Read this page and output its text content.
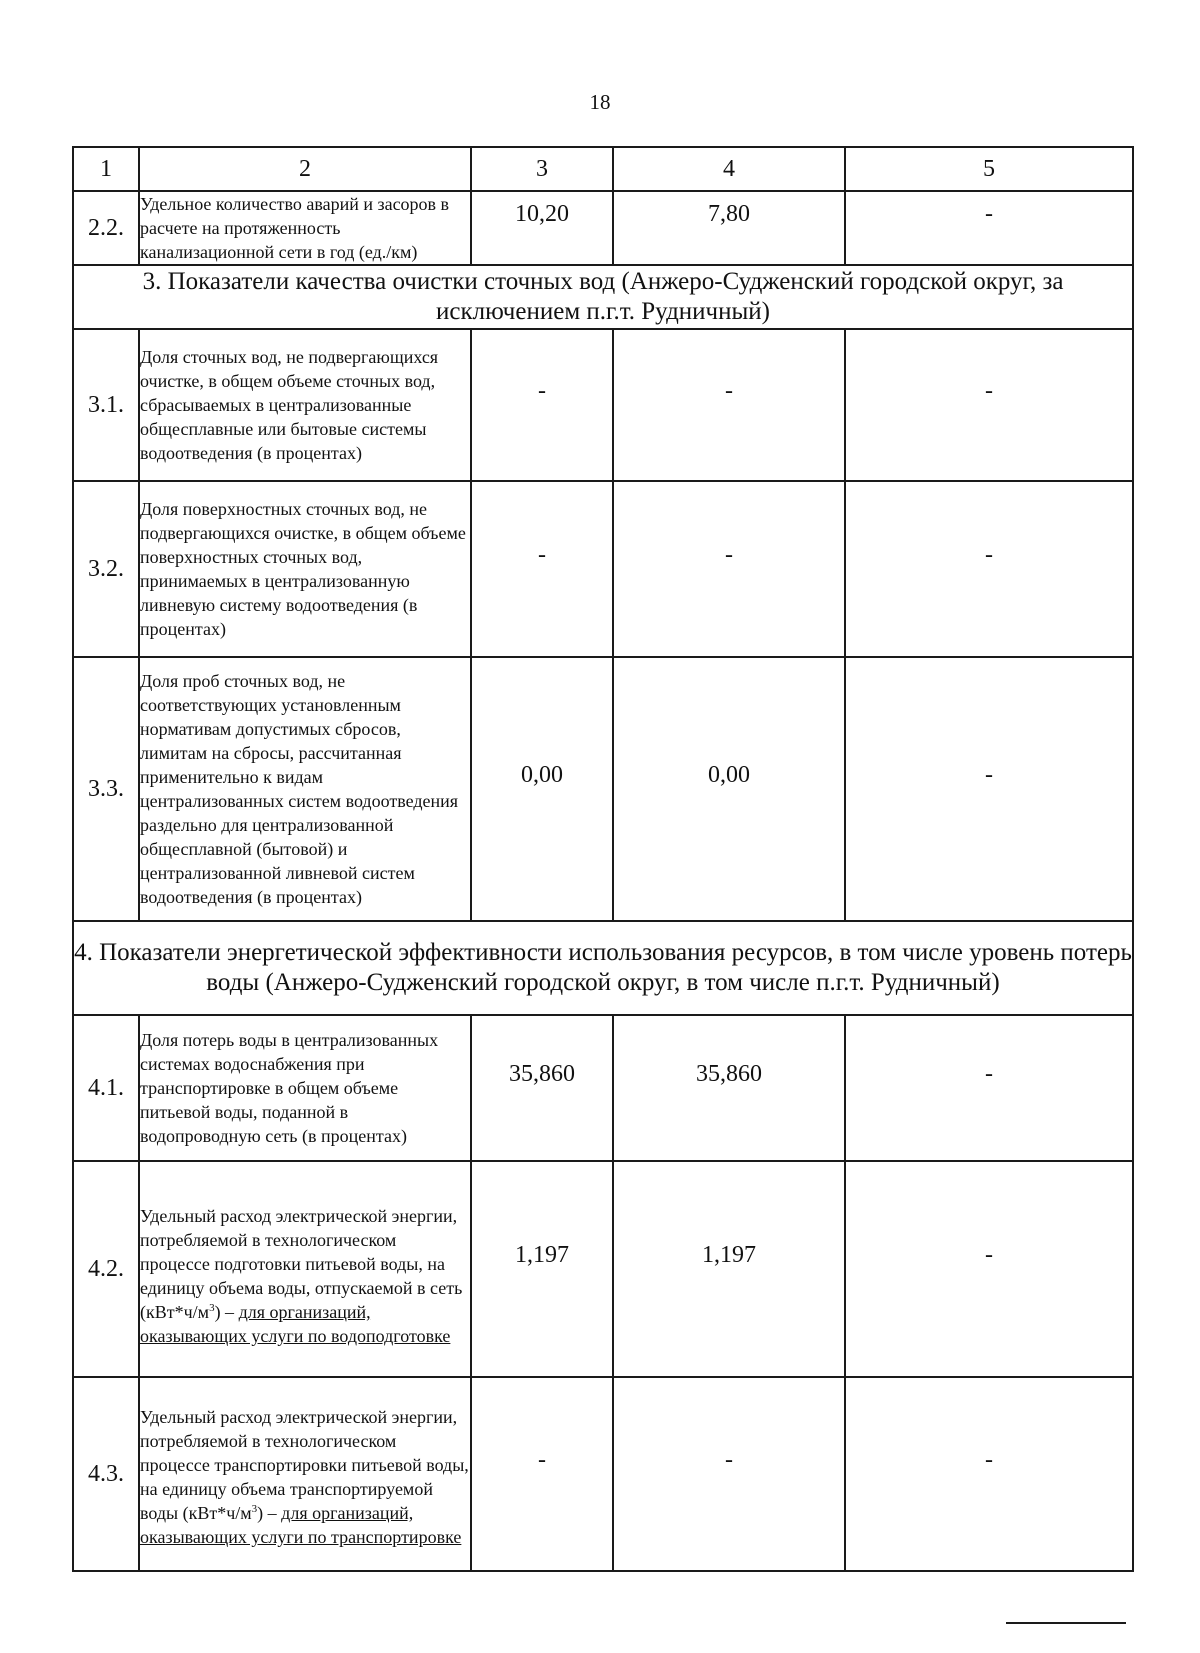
18
1	2	3	4	5
2.2.	Удельное количество аварий и засоров в расчете на протяженность канализационной сети в год (ед./км)	10,20	7,80	-
3. Показатели качества очистки сточных вод (Анжеро-Судженский городской округ, за исключением п.г.т. Рудничный)				
3.1.	Доля сточных вод, не подвергающихся очистке, в общем объеме сточных вод, сбрасываемых в централизованные общесплавные или бытовые системы водоотведения (в процентах)	-	-	-
3.2.	Доля поверхностных сточных вод, не подвергающихся очистке, в общем объеме поверхностных сточных вод, принимаемых в централизованную ливневую систему водоотведения (в процентах)	-	-	-
3.3.	Доля проб сточных вод, не соответствующих установленным нормативам допустимых сбросов, лимитам на сбросы, рассчитанная применительно к видам централизованных систем водоотведения раздельно для централизованной общесплавной (бытовой) и централизованной ливневой систем водоотведения (в процентах)	0,00	0,00	-
4. Показатели энергетической эффективности использования ресурсов, в том числе уровень потерь воды (Анжеро-Судженский городской округ, в том числе п.г.т. Рудничный)				
4.1.	Доля потерь воды в централизованных системах водоснабжения при транспортировке в общем объеме питьевой воды, поданной в водопроводную сеть (в процентах)	35,860	35,860	-
4.2.	Удельный расход электрической энергии, потребляемой в технологическом процессе подготовки питьевой воды, на единицу объема воды, отпускаемой в сеть $(кВт*ч/м^3)$ – для организаций, оказывающих услуги по водоподготовке	1,197	1,197	-
4.3.	Удельный расход электрической энергии, потребляемой в технологическом процессе транспортировки питьевой воды, на единицу объема транспортируемой воды $(кВт*ч/м^3)$ – для организаций, оказывающих услуги по транспортировке	-	-	-
